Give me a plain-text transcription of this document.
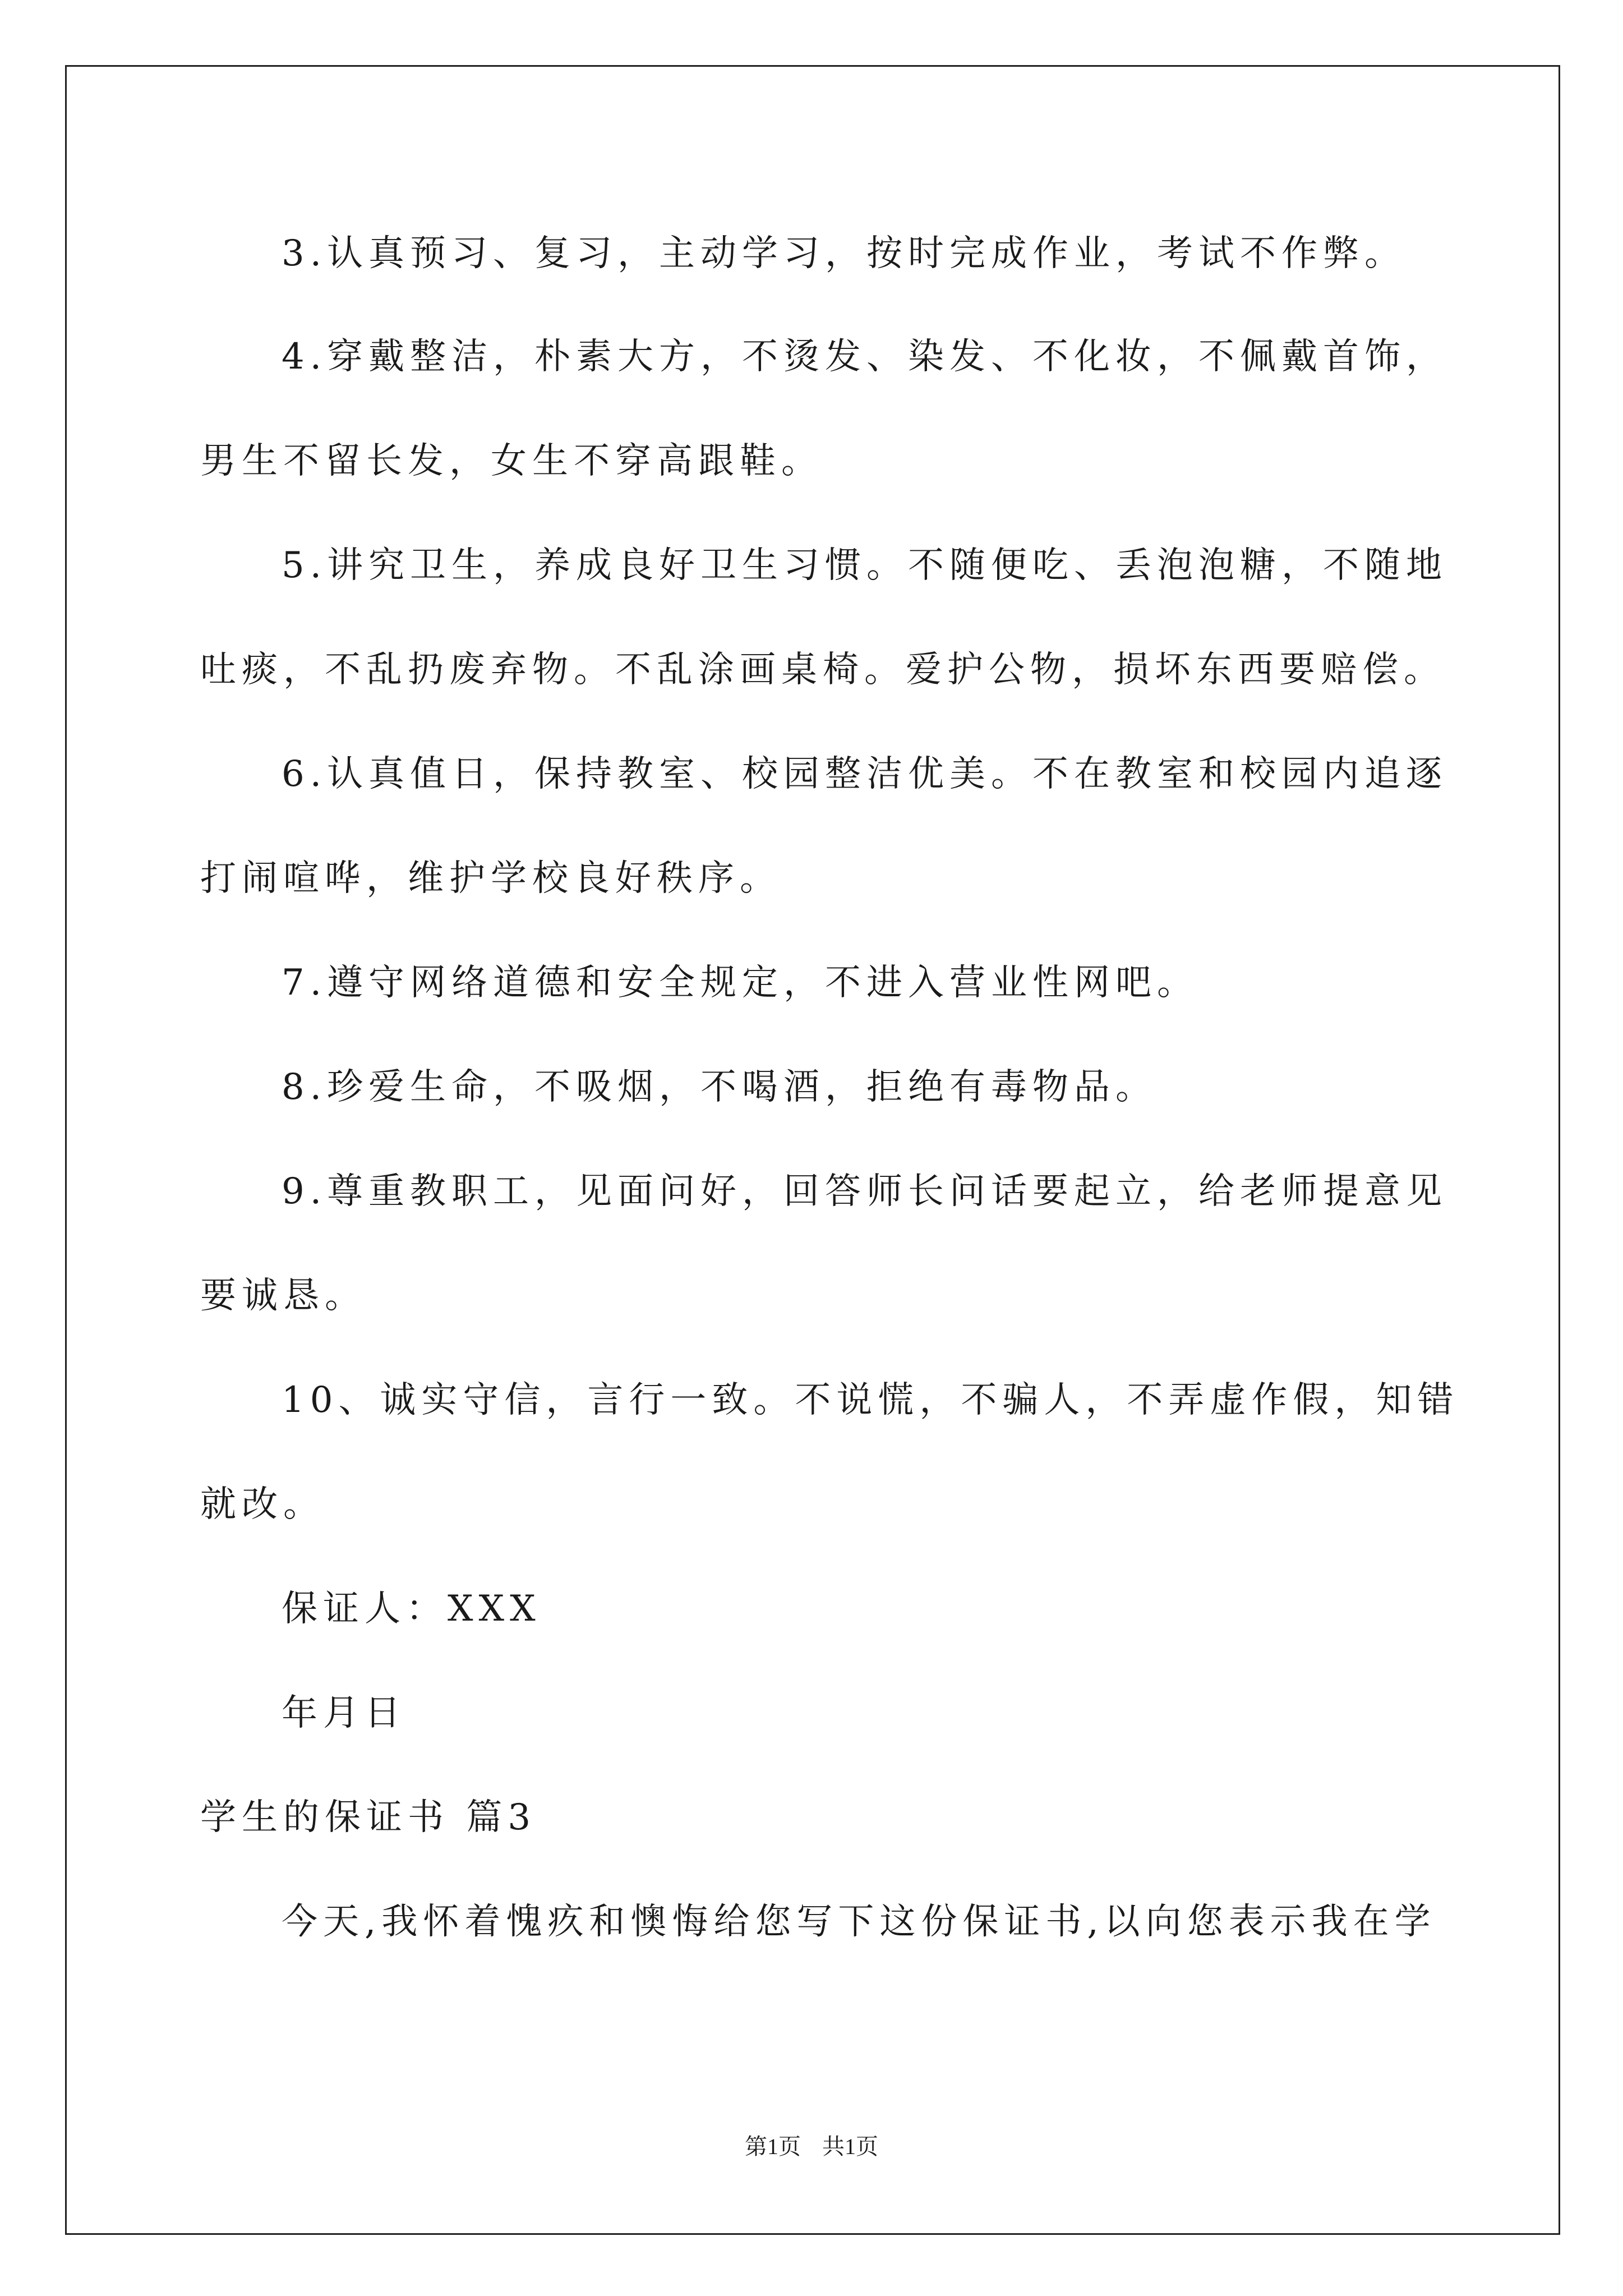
3.认真预习、复习，主动学习，按时完成作业，考试不作弊。
4.穿戴整洁，朴素大方，不烫发、染发、不化妆，不佩戴首饰，
男生不留长发，女生不穿高跟鞋。
5.讲究卫生，养成良好卫生习惯。不随便吃、丢泡泡糖，不随地
吐痰，不乱扔废弃物。不乱涂画桌椅。爱护公物，损坏东西要赔偿。
6.认真值日，保持教室、校园整洁优美。不在教室和校园内追逐
打闹喧哗，维护学校良好秩序。
7.遵守网络道德和安全规定，不进入营业性网吧。
8.珍爱生命，不吸烟，不喝酒，拒绝有毒物品。
9.尊重教职工，见面问好，回答师长问话要起立，给老师提意见
要诚恳。
10、诚实守信，言行一致。不说慌，不骗人，不弄虚作假，知错
就改。
保证人：XXX
年月日
学生的保证书 篇3
今天,我怀着愧疚和懊悔给您写下这份保证书,以向您表示我在学
第1页 共1页
